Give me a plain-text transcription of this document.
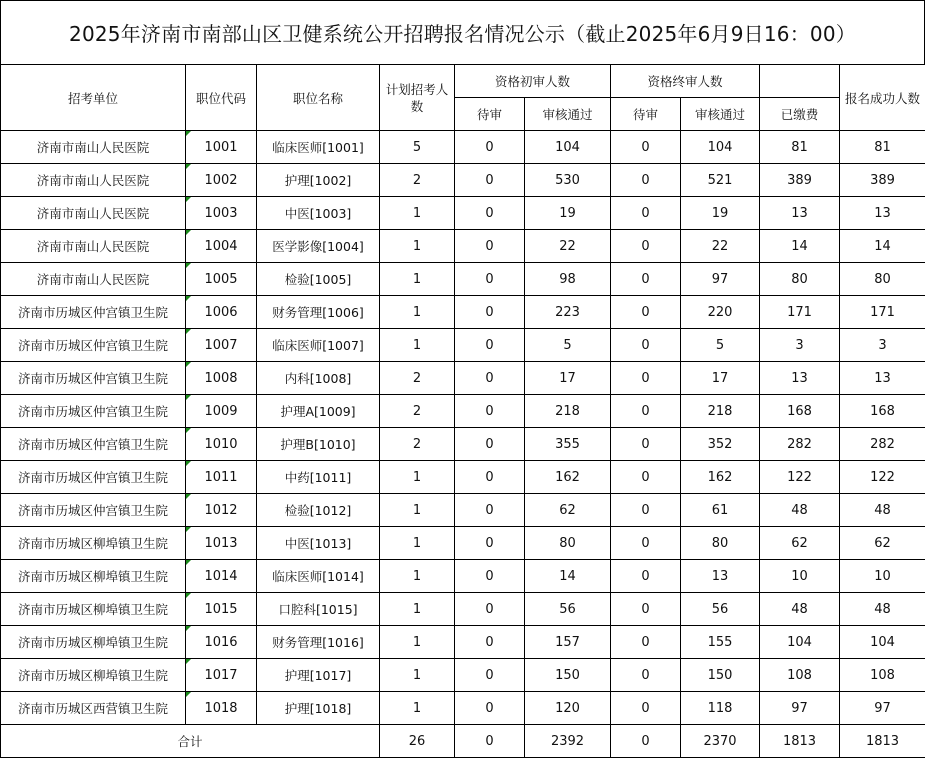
2025年济南市南部山区卫健系统公开招聘报名情况公示（截止2025年6月9日16：00）
招考单位	职位代码	职位名称	计划招考人数	资格初审人数		资格终审人数			报名成功人数
				待审	审核通过	待审	审核通过	已缴费	
济南市南山人民医院	1001	临床医师[1001]	5	0	104	0	104	81	81
济南市南山人民医院	1002	护理[1002]	2	0	530	0	521	389	389
济南市南山人民医院	1003	中医[1003]	1	0	19	0	19	13	13
济南市南山人民医院	1004	医学影像[1004]	1	0	22	0	22	14	14
济南市南山人民医院	1005	检验[1005]	1	0	98	0	97	80	80
济南市历城区仲宫镇卫生院	1006	财务管理[1006]	1	0	223	0	220	171	171
济南市历城区仲宫镇卫生院	1007	临床医师[1007]	1	0	5	0	5	3	3
济南市历城区仲宫镇卫生院	1008	内科[1008]	2	0	17	0	17	13	13
济南市历城区仲宫镇卫生院	1009	护理A[1009]	2	0	218	0	218	168	168
济南市历城区仲宫镇卫生院	1010	护理B[1010]	2	0	355	0	352	282	282
济南市历城区仲宫镇卫生院	1011	中药[1011]	1	0	162	0	162	122	122
济南市历城区仲宫镇卫生院	1012	检验[1012]	1	0	62	0	61	48	48
济南市历城区柳埠镇卫生院	1013	中医[1013]	1	0	80	0	80	62	62
济南市历城区柳埠镇卫生院	1014	临床医师[1014]	1	0	14	0	13	10	10
济南市历城区柳埠镇卫生院	1015	口腔科[1015]	1	0	56	0	56	48	48
济南市历城区柳埠镇卫生院	1016	财务管理[1016]	1	0	157	0	155	104	104
济南市历城区柳埠镇卫生院	1017	护理[1017]	1	0	150	0	150	108	108
济南市历城区西营镇卫生院	1018	护理[1018]	1	0	120	0	118	97	97
合计			26	0	2392	0	2370	1813	1813
